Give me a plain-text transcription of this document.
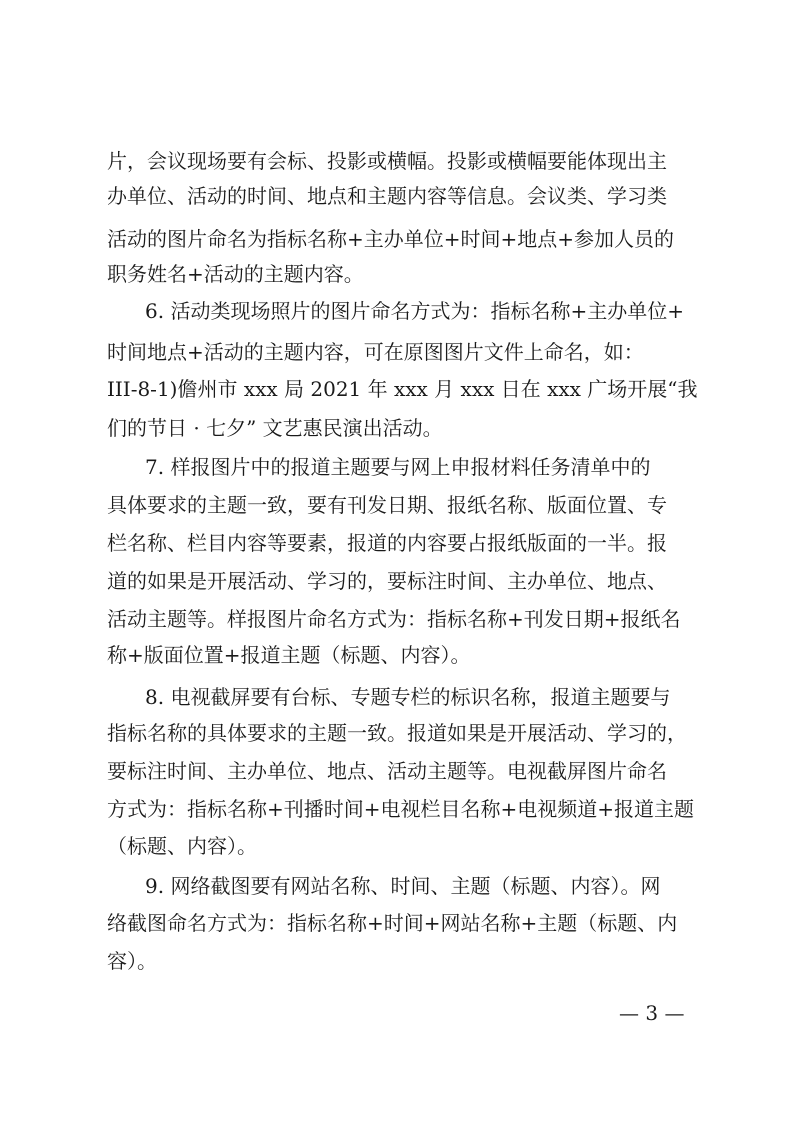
片，会议现场要有会标、投影或横幅。投影或横幅要能体现出主

办单位、活动的时间、地点和主题内容等信息。会议类、学习类

活动的图片命名为指标名称+主办单位+时间+地点+参加人员的

职务姓名+活动的主题内容。

6. 活动类现场照片的图片命名方式为：指标名称+主办单位+

时间地点+活动的主题内容，可在原图图片文件上命名，如：

III-8-1)儋州市 xxx 局 2021 年 xxx 月 xxx 日在 xxx 广场开展“我

们的节日 · 七夕” 文艺惠民演出活动。

7. 样报图片中的报道主题要与网上申报材料任务清单中的

具体要求的主题一致，要有刊发日期、报纸名称、版面位置、专

栏名称、栏目内容等要素，报道的内容要占报纸版面的一半。报

道的如果是开展活动、学习的，要标注时间、主办单位、地点、

活动主题等。样报图片命名方式为：指标名称+刊发日期+报纸名

称+版面位置+报道主题（标题、内容）。

8. 电视截屏要有台标、专题专栏的标识名称，报道主题要与

指标名称的具体要求的主题一致。报道如果是开展活动、学习的，

要标注时间、主办单位、地点、活动主题等。电视截屏图片命名

方式为：指标名称+刊播时间+电视栏目名称+电视频道+报道主题

（标题、内容）。

9. 网络截图要有网站名称、时间、主题（标题、内容）。网

络截图命名方式为：指标名称+时间+网站名称+主题（标题、内

容）。

— 3 —
